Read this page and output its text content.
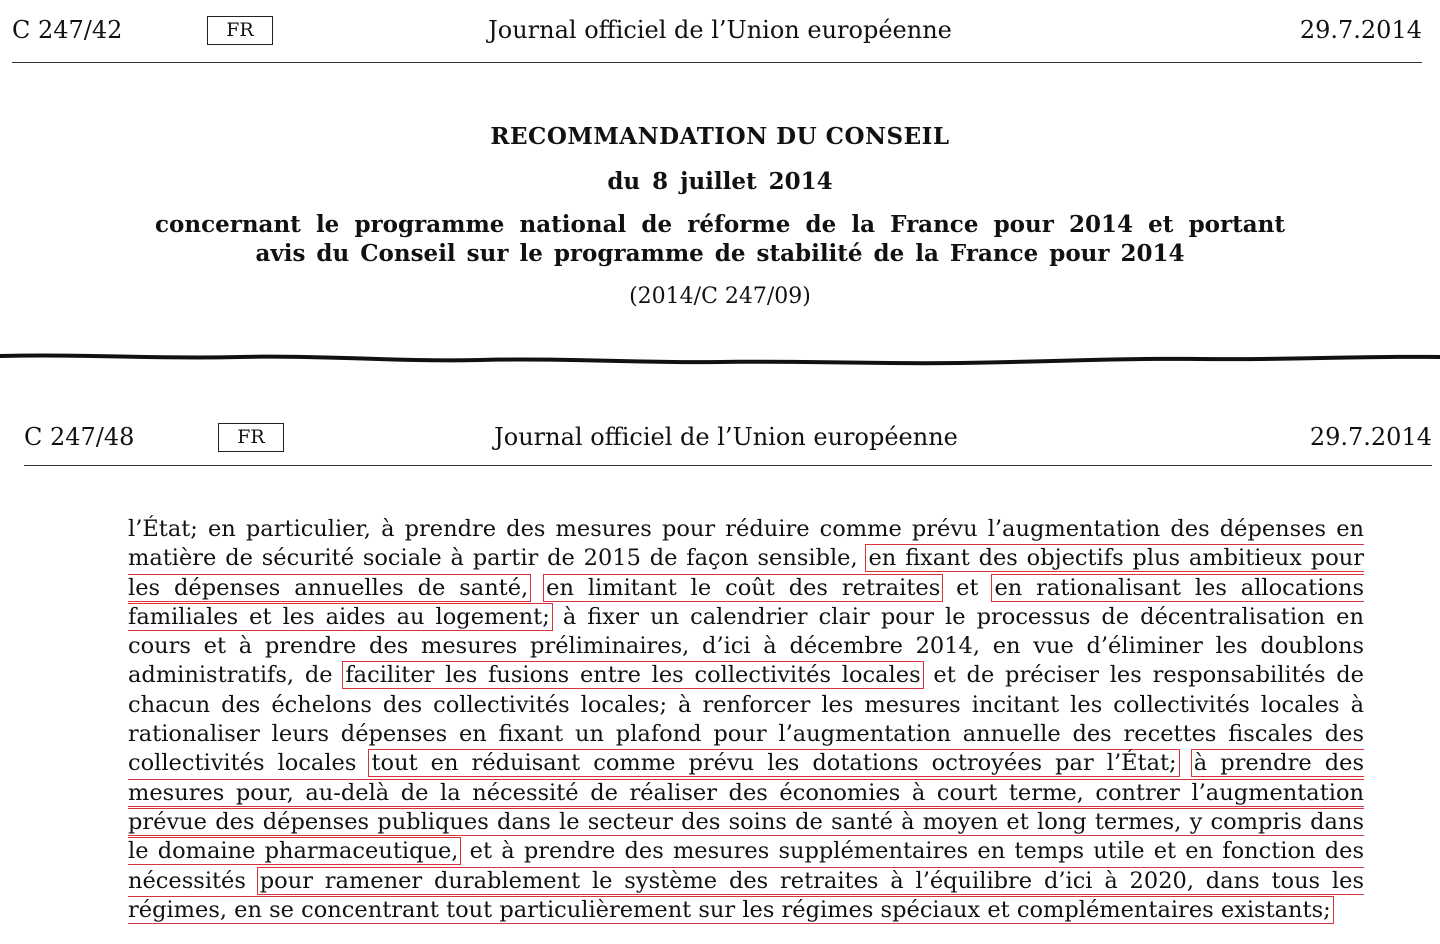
C 247/42	FR	Journal officiel de l’Union européenne	29.7.2014

RECOMMANDATION DU CONSEIL

du 8 juillet 2014

concernant le programme national de réforme de la France pour 2014 et portant avis du Conseil sur le programme de stabilité de la France pour 2014

(2014/C 247/09)

C 247/48	FR	Journal officiel de l’Union européenne	29.7.2014
l’État; en particulier, à prendre des mesures pour réduire comme prévu l’augmentation des dépenses en matière de sécurité sociale à partir de 2015 de façon sensible, en fixant des objectifs plus ambitieux pour les dépenses annuelles de santé, en limitant le coût des retraites et en rationalisant les allocations familiales et les aides au logement; à fixer un calendrier clair pour le processus de décentralisation en cours et à prendre des mesures préliminaires, d’ici à décembre 2014, en vue d’éliminer les doublons administratifs, de faciliter les fusions entre les collectivités locales et de préciser les responsabilités de chacun des échelons des collectivités locales; à renforcer les mesures incitant les collectivités locales à rationaliser leurs dépenses en fixant un plafond pour l’augmentation annuelle des recettes fiscales des collectivités locales tout en réduisant comme prévu les dotations octroyées par l’État; à prendre des mesures pour, au-delà de la nécessité de réaliser des économies à court terme, contrer l’augmentation prévue des dépenses publiques dans le secteur des soins de santé à moyen et long termes, y compris dans le domaine pharmaceutique, et à prendre des mesures supplémentaires en temps utile et en fonction des nécessités pour ramener durablement le système des retraites à l’équilibre d’ici à 2020, dans tous les régimes, en se concentrant tout particulièrement sur les régimes spéciaux et complémentaires existants;
